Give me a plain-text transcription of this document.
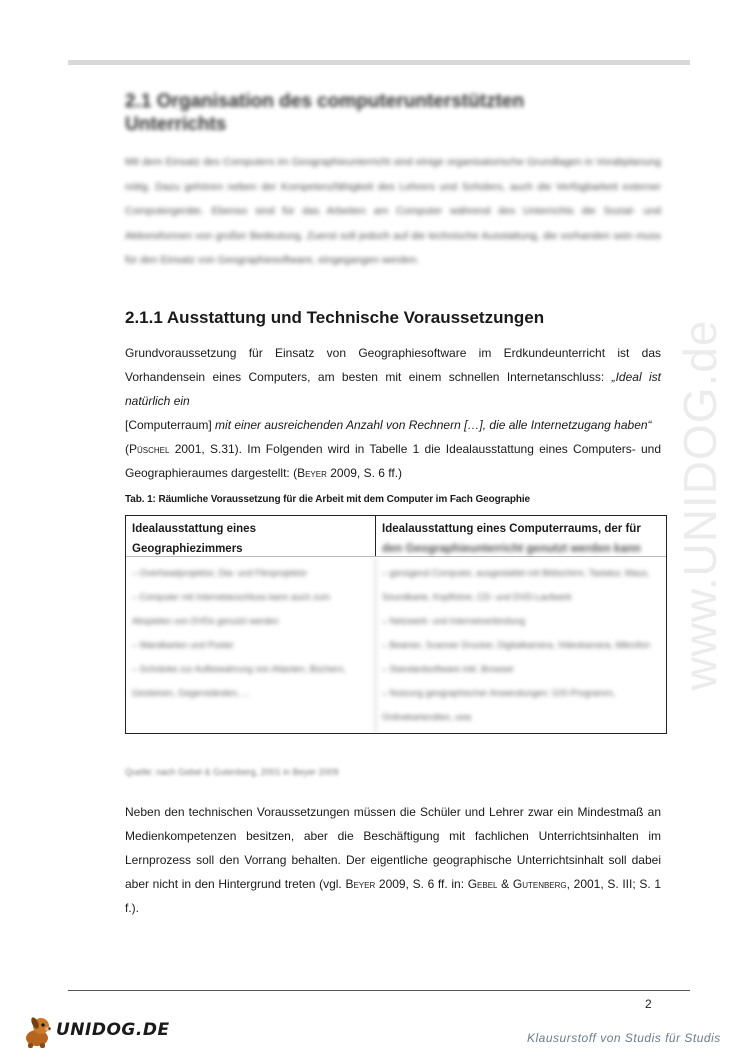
2.1 Organisation des computerunterstützten Unterrichts
Mit dem Einsatz des Computers im Geographieunterricht sind einige organisatorische Grundlagen in Vorabplanung nötig. Dazu gehören neben der Kompetenzfähigkeit des Lehrers und Schülers, auch die Verfügbarkeit externer Computergeräte. Ebenso sind für das Arbeiten am Computer während des Unterrichts die Sozial- und Aktionsformen von großer Bedeutung. Zuerst soll jedoch auf die technische Ausstattung, die vorhanden sein muss für den Einsatz von Geographiesoftware, eingegangen werden.
www.UNIDOG.de
2.1.1 Ausstattung und Technische Voraussetzungen
Grundvoraussetzung für Einsatz von Geographiesoftware im Erdkundeunterricht ist das Vorhandensein eines Computers, am besten mit einem schnellen Internetanschluss: „Ideal ist natürlich ein
[Computerraum] mit einer ausreichenden Anzahl von Rechnern […], die alle Internetzugang haben“
(Püschel 2001, S.31). Im Folgenden wird in Tabelle 1 die Idealausstattung eines Computers- und Geographieraumes dargestellt: (Beyer 2009, S. 6 ff.)
Tab. 1: Räumliche Voraussetzung für die Arbeit mit dem Computer im Fach Geographie
Idealausstattung eines Geographiezimmers
Idealausstattung eines Computerraums, der für
den Geographieunterricht genutzt werden kann
– Overheadprojektor, Dia- und Filmprojektor
– Computer mit Internetanschluss kann auch zum Abspielen von DVDs genutzt werden
– Wandkarten und Poster
– Schränke zur Aufbewahrung von Atlanten, Büchern, Gesteinen, Gegenständen, ...
– genügend Computer, ausgestattet mit Bildschirm, Tastatur, Maus, Soundkarte, Kopfhörer, CD- und DVD-Laufwerk
– Netzwerk- und Internetverbindung
– Beamer, Scanner Drucker, Digitalkamera, Videokamera, Mikrofon
– Standardsoftware inkl. Browser
– Nutzung geographischer Anwendungen: GIS-Programm, Onlinekartendien, usw.
Quelle: nach Gebel & Gutenberg, 2001 in Beyer 2009
Neben den technischen Voraussetzungen müssen die Schüler und Lehrer zwar ein Mindestmaß an Medienkompetenzen besitzen, aber die Beschäftigung mit fachlichen Unterrichtsinhalten im Lernprozess soll den Vorrang behalten. Der eigentliche geographische Unterrichtsinhalt soll dabei aber nicht in den Hintergrund treten (vgl. Beyer 2009, S. 6 ff. in: Gebel & Gutenberg, 2001, S. III; S. 1 f.).
2
UNIDOG.DE	Klausurstoff von Studis für Studis
